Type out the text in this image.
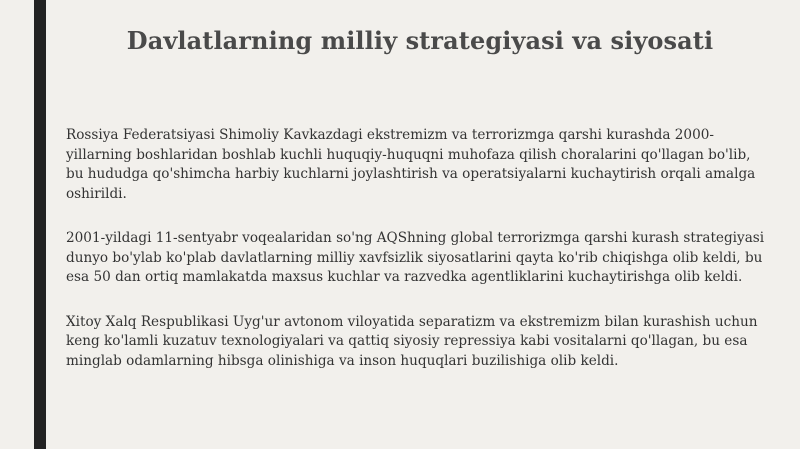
Davlatlarning milliy strategiyasi va siyosati

Rossiya Federatsiyasi Shimoliy Kavkazdagi ekstremizm va terrorizmga qarshi kurashda 2000-yillarning boshlaridan boshlab kuchli huquqiy-huquqni muhofaza qilish choralarini qo'llagan bo'lib, bu hududga qo'shimcha harbiy kuchlarni joylashtirish va operatsiyalarni kuchaytirish orqali amalga oshirildi.

2001-yildagi 11-sentyabr voqealaridan so'ng AQShning global terrorizmga qarshi kurash strategiyasi dunyo bo'ylab ko'plab davlatlarning milliy xavfsizlik siyosatlarini qayta ko'rib chiqishga olib keldi, bu esa 50 dan ortiq mamlakatda maxsus kuchlar va razvedka agentliklarini kuchaytirishga olib keldi.

Xitoy Xalq Respublikasi Uyg'ur avtonom viloyatida separatizm va ekstremizm bilan kurashish uchun keng ko'lamli kuzatuv texnologiyalari va qattiq siyosiy repressiya kabi vositalarni qo'llagan, bu esa minglab odamlarning hibsga olinishiga va inson huquqlari buzilishiga olib keldi.
